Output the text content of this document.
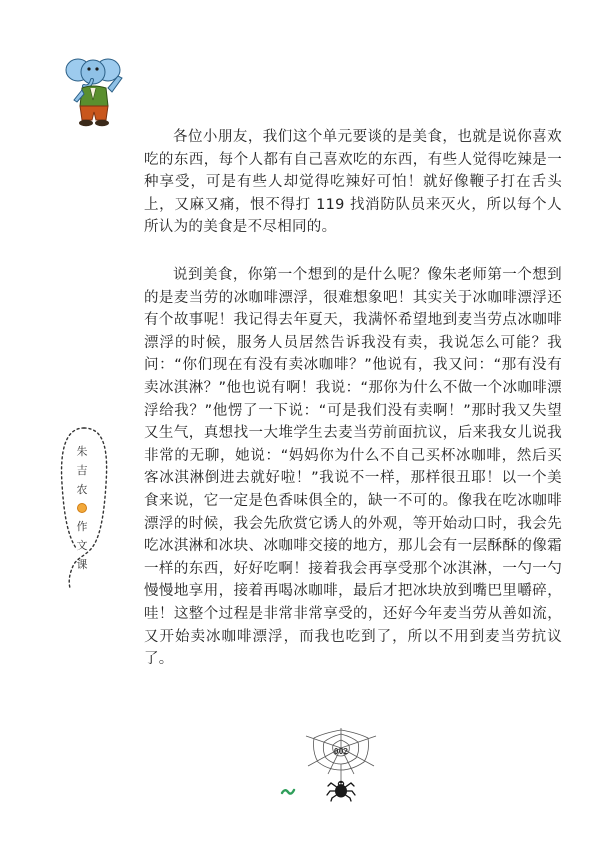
各位小朋友，我们这个单元要谈的是美食，也就是说你喜欢吃的东西，每个人都有自己喜欢吃的东西，有些人觉得吃辣是一种享受，可是有些人却觉得吃辣好可怕！就好像鞭子打在舌头上，又麻又痛，恨不得打 119 找消防队员来灭火，所以每个人所认为的美食是不尽相同的。

说到美食，你第一个想到的是什么呢？像朱老师第一个想到的是麦当劳的冰咖啡漂浮，很难想象吧！其实关于冰咖啡漂浮还有个故事呢！我记得去年夏天，我满怀希望地到麦当劳点冰咖啡漂浮的时候，服务人员居然告诉我没有卖，我说怎么可能？我问：“你们现在有没有卖冰咖啡？”他说有，我又问：“那有没有卖冰淇淋？”他也说有啊！我说：“那你为什么不做一个冰咖啡漂浮给我？”他愣了一下说：“可是我们没有卖啊！”那时我又失望又生气，真想找一大堆学生去麦当劳前面抗议，后来我女儿说我非常的无聊，她说：“妈妈你为什么不自己买杯冰咖啡，然后买客冰淇淋倒进去就好啦！”我说不一样，那样很丑耶！以一个美食来说，它一定是色香味俱全的，缺一不可的。像我在吃冰咖啡漂浮的时候，我会先欣赏它诱人的外观，等开始动口时，我会先吃冰淇淋和冰块、冰咖啡交接的地方，那儿会有一层酥酥的像霜一样的东西，好好吃啊！接着我会再享受那个冰淇淋，一勺一勺慢慢地享用，接着再喝冰咖啡，最后才把冰块放到嘴巴里嚼碎，哇！这整个过程是非常非常享受的，还好今年麦当劳从善如流，又开始卖冰咖啡漂浮，而我也吃到了，所以不用到麦当劳抗议了。

朱
吉
农
作
文
课
002
